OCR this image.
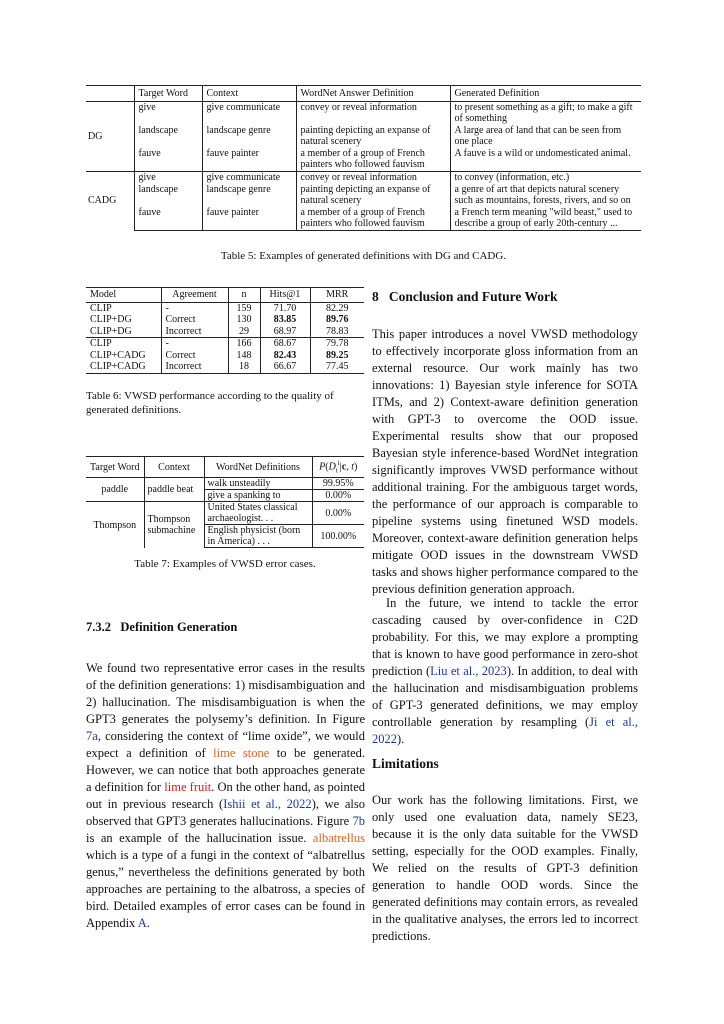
	Target Word	Context	WordNet Answer Definition	Generated Definition
DG	give	give communicate	convey or reveal information	to present something as a gift; to make a gift of something
	landscape	landscape genre	painting depicting an expanse of natural scenery	A large area of land that can be seen from one place
	fauve	fauve painter	a member of a group of French painters who followed fauvism	A fauve is a wild or undomesticated animal.
CADG	give	give communicate	convey or reveal information	to convey (information, etc.)
	landscape	landscape genre	painting depicting an expanse of natural scenery	a genre of art that depicts natural scenery such as mountains, forests, rivers, and so on
	fauve	fauve painter	a member of a group of French painters who followed fauvism	a French term meaning "wild beast," used to describe a group of early 20th-century ...
Table 5: Examples of generated definitions with DG and CADG.
Model	Agreement	n	Hits@1	MRR
CLIP	-	159	71.70	82.29
CLIP+DG	Correct	130	83.85	89.76
CLIP+DG	Incorrect	29	68.97	78.83
CLIP	-	166	68.67	79.78
CLIP+CADG	Correct	148	82.43	89.25
CLIP+CADG	Incorrect	18	66.67	77.45
Table 6: VWSD performance according to the quality of generated definitions.
Target Word	Context	WordNet Definitions	$P(D_t^i|c$, t)
paddle	paddle beat	walk unsteadily	99.95%
		give a spanking to	0.00%
Thompson	Thompson submachine	United States classical archaeologist. . .	0.00%
		English physicist (born in America) . . .	100.00%
Table 7: Examples of VWSD error cases.
7.3.2 Definition Generation
We found two representative error cases in the results of the definition generations: 1) misdisambiguation and 2) hallucination. The misdisambiguation is when the GPT3 generates the polysemy’s definition. In Figure 7a, considering the context of “lime oxide”, we would expect a definition of lime stone to be generated. However, we can notice that both approaches generate a definition for lime fruit. On the other hand, as pointed out in previous research (Ishii et al., 2022), we also observed that GPT3 generates hallucinations. Figure 7b is an example of the hallucination issue. albatrellus which is a type of a fungi in the context of “albatrellus genus,” nevertheless the definitions generated by both approaches are pertaining to the albatross, a species of bird. Detailed examples of error cases can be found in Appendix A.
8 Conclusion and Future Work
This paper introduces a novel VWSD methodology to effectively incorporate gloss information from an external resource. Our work mainly has two innovations: 1) Bayesian style inference for SOTA ITMs, and 2) Context-aware definition generation with GPT-3 to overcome the OOD issue. Experimental results show that our proposed Bayesian style inference-based WordNet integration significantly improves VWSD performance without additional training. For the ambiguous target words, the performance of our approach is comparable to pipeline systems using finetuned WSD models. Moreover, context-aware definition generation helps mitigate OOD issues in the downstream VWSD tasks and shows higher performance compared to the previous definition generation approach.
In the future, we intend to tackle the error cascading caused by over-confidence in C2D probability. For this, we may explore a prompting that is known to have good performance in zero-shot prediction (Liu et al., 2023). In addition, to deal with the hallucination and misdisambiguation problems of GPT-3 generated definitions, we may employ controllable generation by resampling (Ji et al., 2022).
Limitations
Our work has the following limitations. First, we only used one evaluation data, namely SE23, because it is the only data suitable for the VWSD setting, especially for the OOD examples. Finally, We relied on the results of GPT-3 definition generation to handle OOD words. Since the generated definitions may contain errors, as revealed in the qualitative analyses, the errors led to incorrect predictions.
